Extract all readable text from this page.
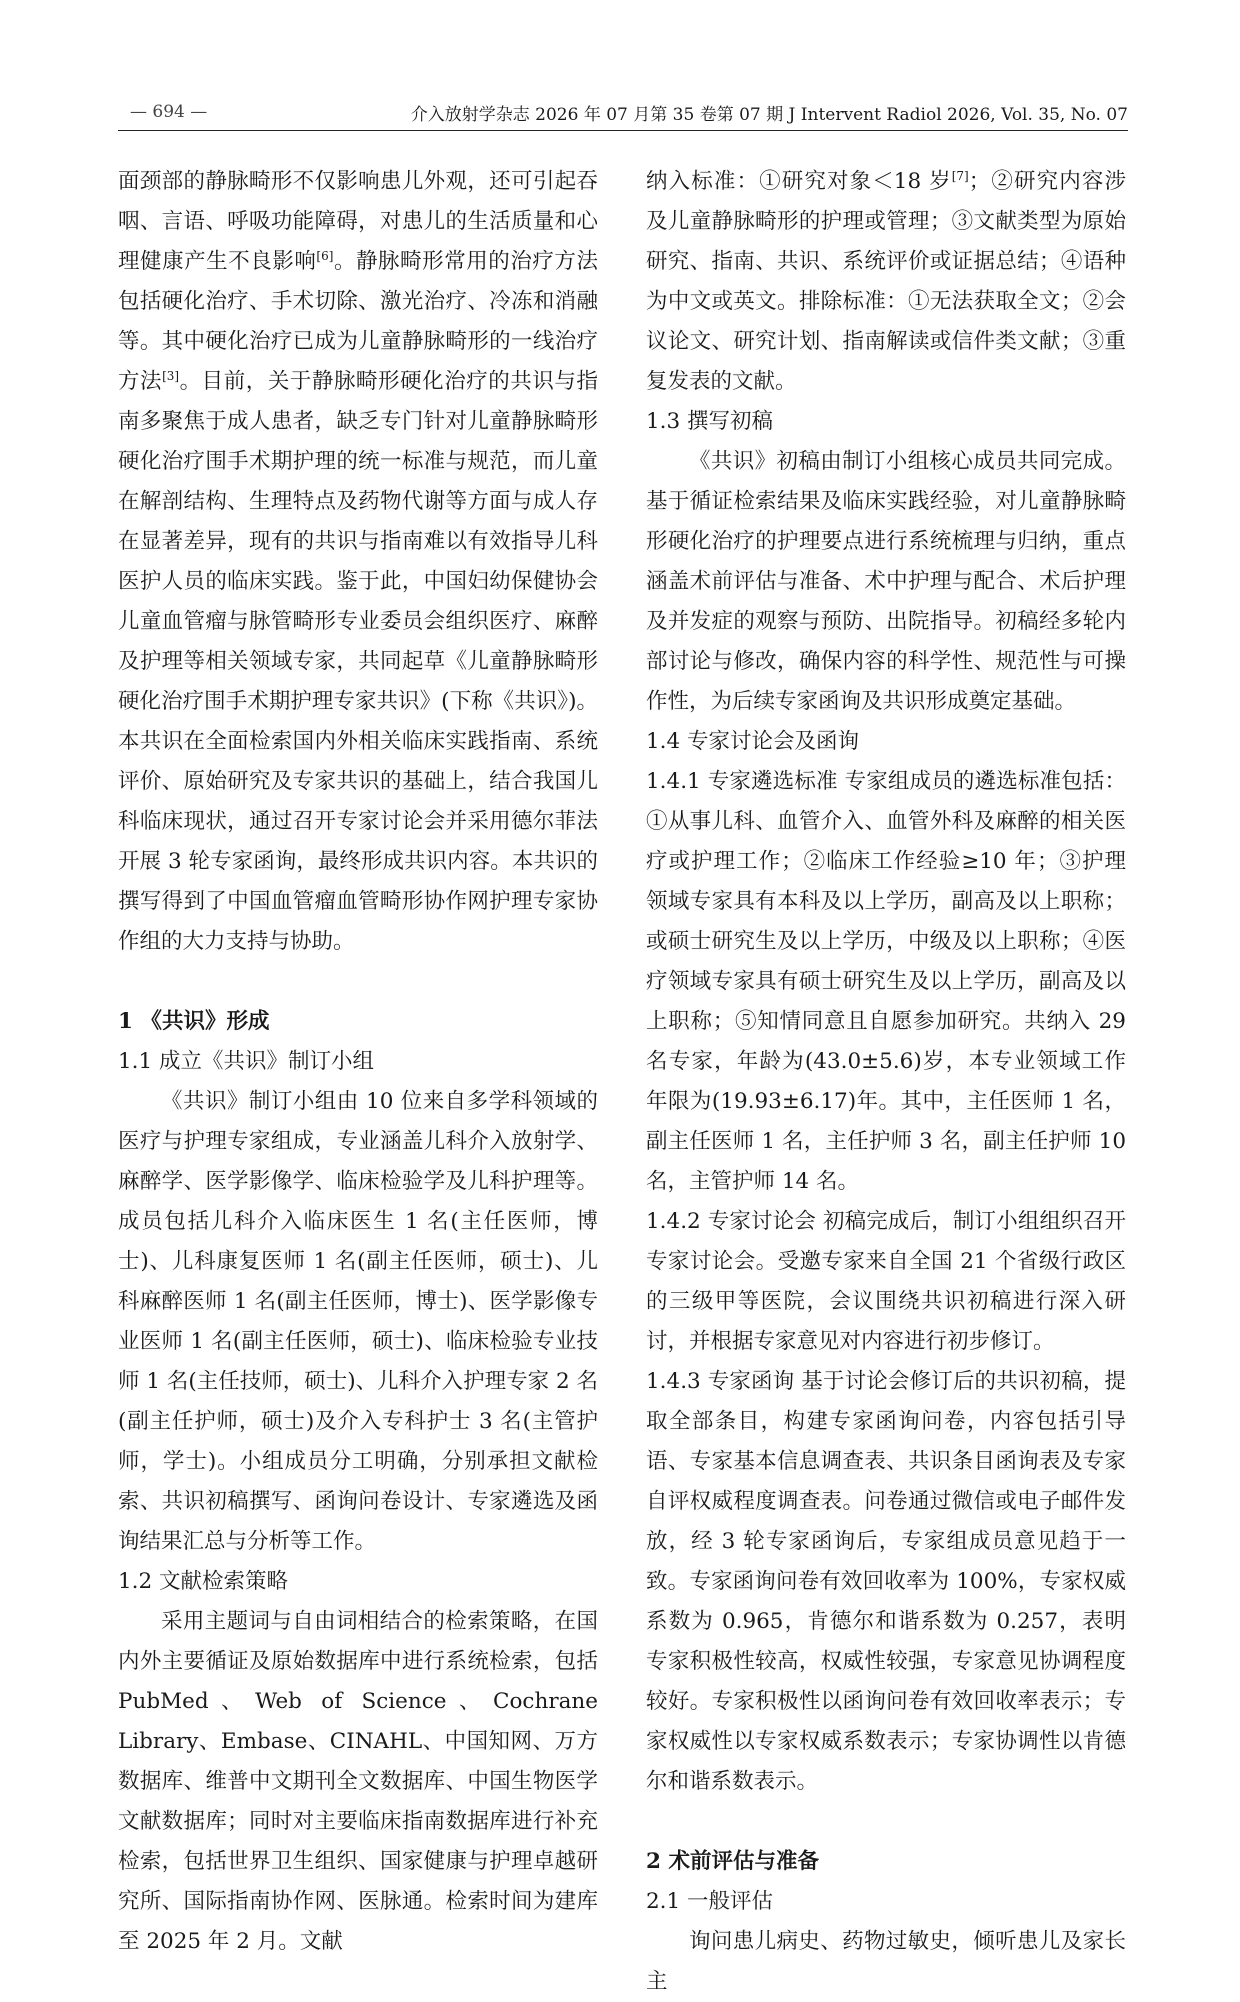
— 694 —	介入放射学杂志 2026 年 07 月第 35 卷第 07 期 J Intervent Radiol 2026, Vol. 35, No. 07

面颈部的静脉畸形不仅影响患儿外观，还可引起吞咽、言语、呼吸功能障碍，对患儿的生活质量和心理健康产生不良影响[6]。静脉畸形常用的治疗方法包括硬化治疗、手术切除、激光治疗、冷冻和消融等。其中硬化治疗已成为儿童静脉畸形的一线治疗方法[3]。目前，关于静脉畸形硬化治疗的共识与指南多聚焦于成人患者，缺乏专门针对儿童静脉畸形硬化治疗围手术期护理的统一标准与规范，而儿童在解剖结构、生理特点及药物代谢等方面与成人存在显著差异，现有的共识与指南难以有效指导儿科医护人员的临床实践。鉴于此，中国妇幼保健协会儿童血管瘤与脉管畸形专业委员会组织医疗、麻醉及护理等相关领域专家，共同起草《儿童静脉畸形硬化治疗围手术期护理专家共识》(下称《共识》)。本共识在全面检索国内外相关临床实践指南、系统评价、原始研究及专家共识的基础上，结合我国儿科临床现状，通过召开专家讨论会并采用德尔菲法开展 3 轮专家函询，最终形成共识内容。本共识的撰写得到了中国血管瘤血管畸形协作网护理专家协作组的大力支持与协助。

1 《共识》形成

1.1 成立《共识》制订小组

《共识》制订小组由 10 位来自多学科领域的医疗与护理专家组成，专业涵盖儿科介入放射学、麻醉学、医学影像学、临床检验学及儿科护理等。成员包括儿科介入临床医生 1 名(主任医师，博士)、儿科康复医师 1 名(副主任医师，硕士)、儿科麻醉医师 1 名(副主任医师，博士)、医学影像专业医师 1 名(副主任医师，硕士)、临床检验专业技师 1 名(主任技师，硕士)、儿科介入护理专家 2 名(副主任护师，硕士)及介入专科护士 3 名(主管护师，学士)。小组成员分工明确，分别承担文献检索、共识初稿撰写、函询问卷设计、专家遴选及函询结果汇总与分析等工作。

1.2 文献检索策略

采用主题词与自由词相结合的检索策略，在国内外主要循证及原始数据库中进行系统检索，包括 PubMed、Web of Science、Cochrane Library、Embase、CINAHL、中国知网、万方数据库、维普中文期刊全文数据库、中国生物医学文献数据库；同时对主要临床指南数据库进行补充检索，包括世界卫生组织、国家健康与护理卓越研究所、国际指南协作网、医脉通。检索时间为建库至 2025 年 2 月。文献

纳入标准：①研究对象＜18 岁[7]；②研究内容涉及儿童静脉畸形的护理或管理；③文献类型为原始研究、指南、共识、系统评价或证据总结；④语种为中文或英文。排除标准：①无法获取全文；②会议论文、研究计划、指南解读或信件类文献；③重复发表的文献。

1.3 撰写初稿

《共识》初稿由制订小组核心成员共同完成。基于循证检索结果及临床实践经验，对儿童静脉畸形硬化治疗的护理要点进行系统梳理与归纳，重点涵盖术前评估与准备、术中护理与配合、术后护理及并发症的观察与预防、出院指导。初稿经多轮内部讨论与修改，确保内容的科学性、规范性与可操作性，为后续专家函询及共识形成奠定基础。

1.4 专家讨论会及函询

1.4.1 专家遴选标准 专家组成员的遴选标准包括：①从事儿科、血管介入、血管外科及麻醉的相关医疗或护理工作；②临床工作经验≥10 年；③护理领域专家具有本科及以上学历，副高及以上职称；或硕士研究生及以上学历，中级及以上职称；④医疗领域专家具有硕士研究生及以上学历，副高及以上职称；⑤知情同意且自愿参加研究。共纳入 29 名专家，年龄为(43.0±5.6)岁，本专业领域工作年限为(19.93±6.17)年。其中，主任医师 1 名，副主任医师 1 名，主任护师 3 名，副主任护师 10 名，主管护师 14 名。

1.4.2 专家讨论会 初稿完成后，制订小组组织召开专家讨论会。受邀专家来自全国 21 个省级行政区的三级甲等医院，会议围绕共识初稿进行深入研讨，并根据专家意见对内容进行初步修订。

1.4.3 专家函询 基于讨论会修订后的共识初稿，提取全部条目，构建专家函询问卷，内容包括引导语、专家基本信息调查表、共识条目函询表及专家自评权威程度调查表。问卷通过微信或电子邮件发放，经 3 轮专家函询后，专家组成员意见趋于一致。专家函询问卷有效回收率为 100%，专家权威系数为 0.965，肯德尔和谐系数为 0.257，表明专家积极性较高，权威性较强，专家意见协调程度较好。专家积极性以函询问卷有效回收率表示；专家权威性以专家权威系数表示；专家协调性以肯德尔和谐系数表示。

2 术前评估与准备

2.1 一般评估

询问患儿病史、药物过敏史，倾听患儿及家长主
